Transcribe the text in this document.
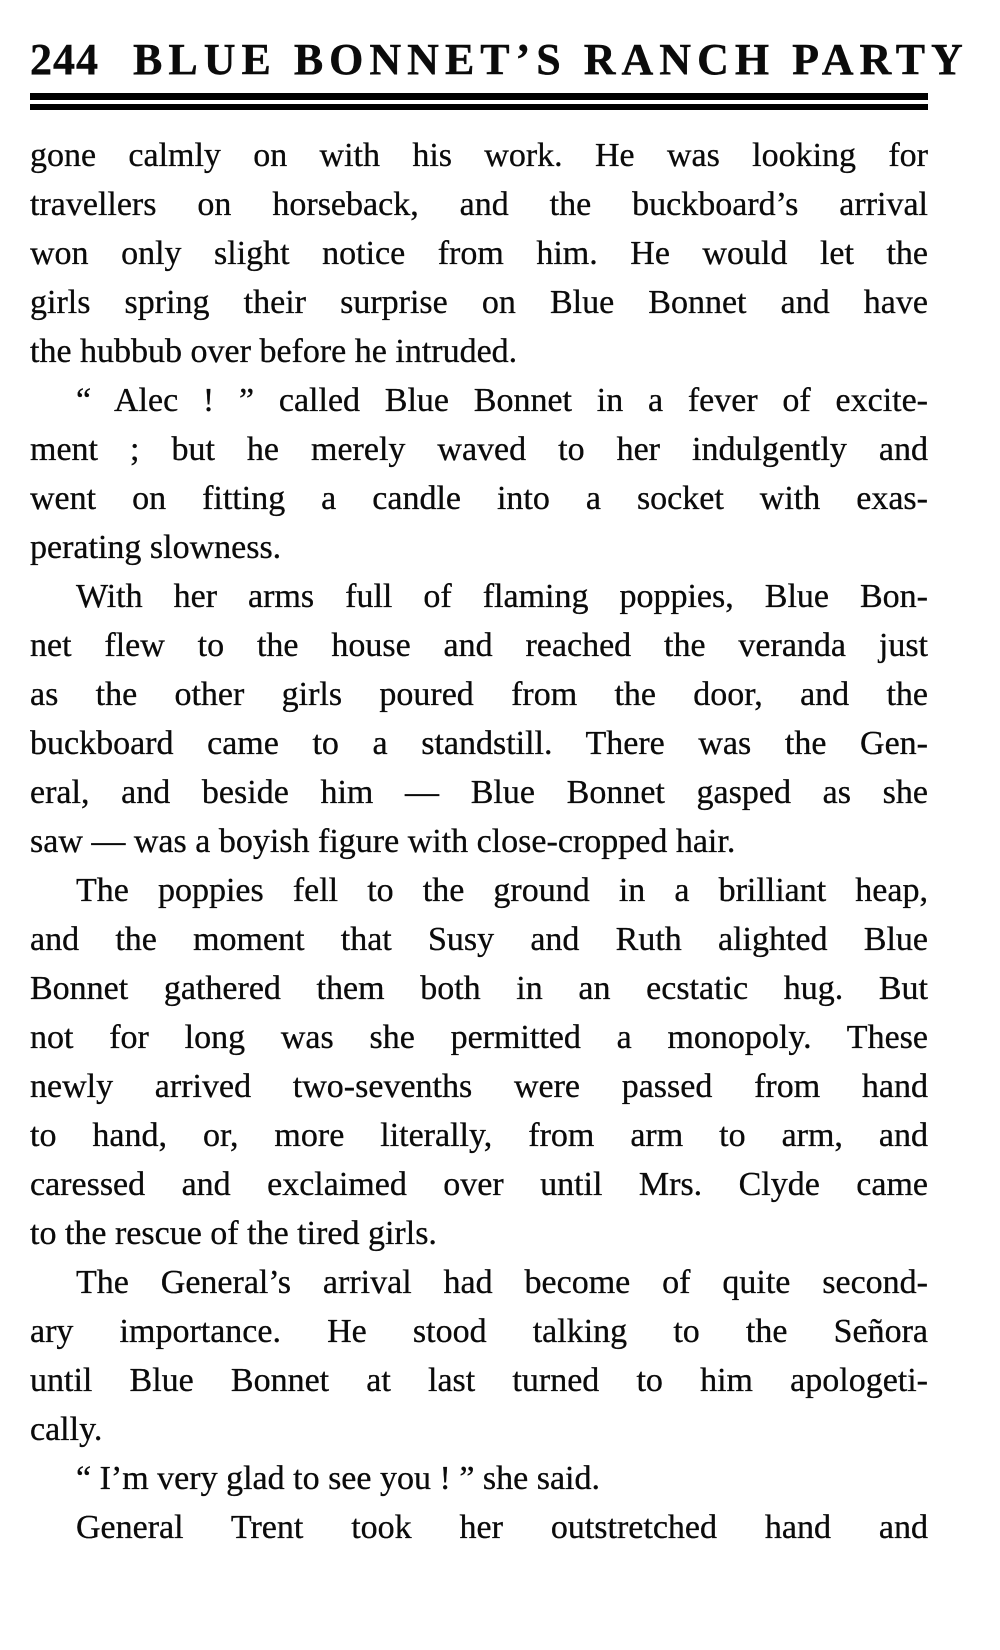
244 BLUE BONNET’S RANCH PARTY
gone calmly on with his work. He was looking for
travellers on horseback, and the buckboard’s arrival
won only slight notice from him. He would let the
girls spring their surprise on Blue Bonnet and have
the hubbub over before he intruded.
“ Alec ! ” called Blue Bonnet in a fever of excite-
ment ; but he merely waved to her indulgently and
went on fitting a candle into a socket with exas-
perating slowness.
With her arms full of flaming poppies, Blue Bon-
net flew to the house and reached the veranda just
as the other girls poured from the door, and the
buckboard came to a standstill. There was the Gen-
eral, and beside him — Blue Bonnet gasped as she
saw — was a boyish figure with close-cropped hair.
The poppies fell to the ground in a brilliant heap,
and the moment that Susy and Ruth alighted Blue
Bonnet gathered them both in an ecstatic hug. But
not for long was she permitted a monopoly. These
newly arrived two-sevenths were passed from hand
to hand, or, more literally, from arm to arm, and
caressed and exclaimed over until Mrs. Clyde came
to the rescue of the tired girls.
The General’s arrival had become of quite second-
ary importance. He stood talking to the Señora
until Blue Bonnet at last turned to him apologeti-
cally.
“ I’m very glad to see you ! ” she said.
General Trent took her outstretched hand and
